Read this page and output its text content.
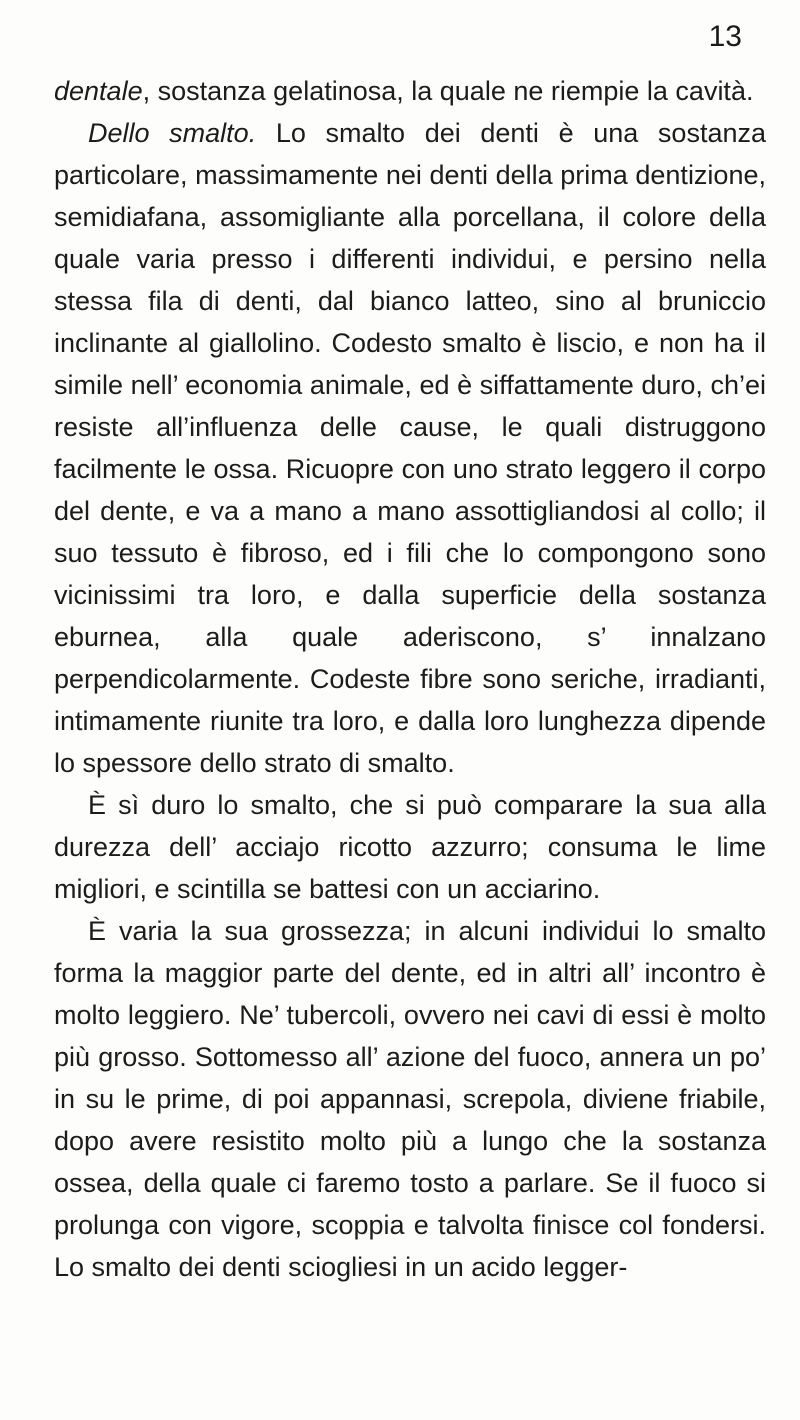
13

dentale, sostanza gelatinosa, la quale ne riempie la cavità.

Dello smalto. Lo smalto dei denti è una sostanza particolare, massimamente nei denti della prima dentizione, semidiafana, assomigliante alla porcellana, il colore della quale varia presso i differenti individui, e persino nella stessa fila di denti, dal bianco latteo, sino al bruniccio inclinante al giallolino. Codesto smalto è liscio, e non ha il simile nell’ economia animale, ed è siffattamente duro, ch’ei resiste all’influenza delle cause, le quali distruggono facilmente le ossa. Ricuopre con uno strato leggero il corpo del dente, e va a mano a mano assottigliandosi al collo; il suo tessuto è fibroso, ed i fili che lo compongono sono vicinissimi tra loro, e dalla superficie della sostanza eburnea, alla quale aderiscono, s’ innalzano perpendicolarmente. Codeste fibre sono seriche, irradianti, intimamente riunite tra loro, e dalla loro lunghezza dipende lo spessore dello strato di smalto.

È sì duro lo smalto, che si può comparare la sua alla durezza dell’ acciajo ricotto azzurro; consuma le lime migliori, e scintilla se battesi con un acciarino.

È varia la sua grossezza; in alcuni individui lo smalto forma la maggior parte del dente, ed in altri all’ incontro è molto leggiero. Ne’ tubercoli, ovvero nei cavi di essi è molto più grosso. Sottomesso all’ azione del fuoco, annera un po’ in su le prime, di poi appannasi, screpola, diviene friabile, dopo avere resistito molto più a lungo che la sostanza ossea, della quale ci faremo tosto a parlare. Se il fuoco si prolunga con vigore, scoppia e talvolta finisce col fondersi. Lo smalto dei denti sciogliesi in un acido legger-
